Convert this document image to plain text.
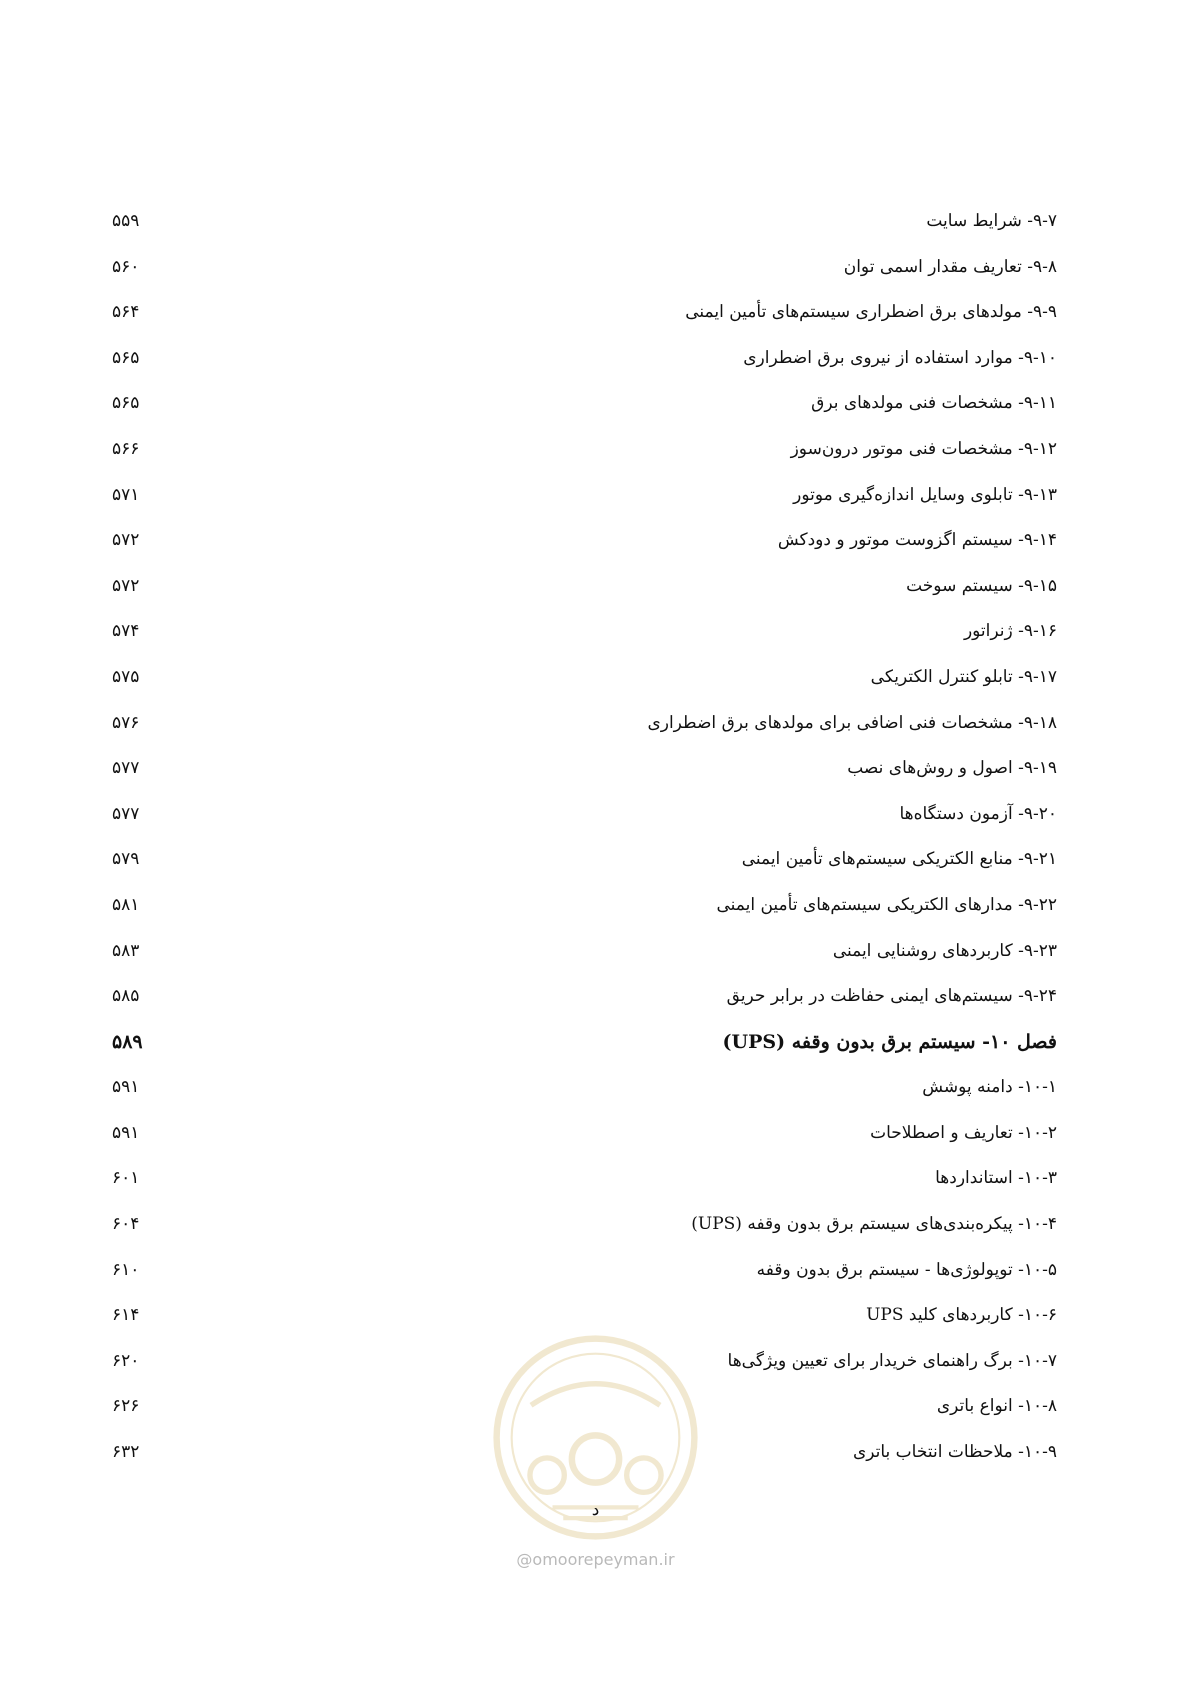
۹-۷- شرایط سایت
۵۵۹
۹-۸- تعاریف مقدار اسمی توان
۵۶۰
۹-۹- مولدهای برق اضطراری سیستم‌های تأمین ایمنی
۵۶۴
۹-۱۰- موارد استفاده از نیروی برق اضطراری
۵۶۵
۹-۱۱- مشخصات فنی مولدهای برق
۵۶۵
۹-۱۲- مشخصات فنی موتور درون‌سوز
۵۶۶
۹-۱۳- تابلوی وسایل اندازه‌گیری موتور
۵۷۱
۹-۱۴- سیستم اگزوست موتور و دودکش
۵۷۲
۹-۱۵- سیستم سوخت
۵۷۲
۹-۱۶- ژنراتور
۵۷۴
۹-۱۷- تابلو کنترل الکتریکی
۵۷۵
۹-۱۸- مشخصات فنی اضافی برای مولدهای برق اضطراری
۵۷۶
۹-۱۹- اصول و روش‌های نصب
۵۷۷
۹-۲۰- آزمون دستگاه‌ها
۵۷۷
۹-۲۱- منابع الکتریکی سیستم‌های تأمین ایمنی
۵۷۹
۹-۲۲- مدارهای الکتریکی سیستم‌های تأمین ایمنی
۵۸۱
۹-۲۳- کاربردهای روشنایی ایمنی
۵۸۳
۹-۲۴- سیستم‌های ایمنی حفاظت در برابر حریق
۵۸۵
فصل ۱۰- سیستم برق بدون وقفه (UPS)
۵۸۹
۱۰-۱- دامنه پوشش
۵۹۱
۱۰-۲- تعاریف و اصطلاحات
۵۹۱
۱۰-۳- استانداردها
۶۰۱
۱۰-۴- پیکره‌بندی‌های سیستم برق بدون وقفه (UPS)
۶۰۴
۱۰-۵- توپولوژی‌ها - سیستم برق بدون وقفه
۶۱۰
۱۰-۶- کاربردهای کلید UPS
۶۱۴
۱۰-۷- برگ راهنمای خریدار برای تعیین ویژگی‌ها
۶۲۰
۱۰-۸- انواع باتری
۶۲۶
۱۰-۹- ملاحظات انتخاب باتری
۶۳۲
د
@omoorepeyman.ir
